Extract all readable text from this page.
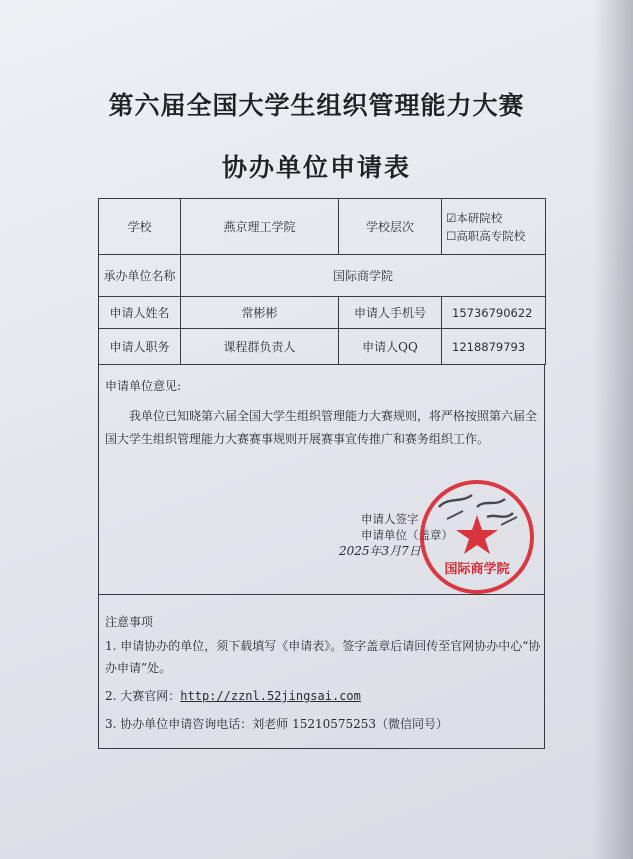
第六届全国大学生组织管理能力大赛
协办单位申请表
学校	燕京理工学院	学校层次	☑本研院校
☐高职高专院校

承办单位名称	国际商学院		
申请人姓名	常彬彬	申请人手机号	15736790622
申请人职务	课程群负责人	申请人QQ	1218879793
申请单位意见:
我单位已知晓第六届全国大学生组织管理能力大赛规则，将严格按照第六届全国大学生组织管理能力大赛赛事规则开展赛事宣传推广和赛务组织工作。
申请人签字
申请单位（盖章）
2025年3月7日
国际商学院
注意事项
1. 申请协办的单位，须下载填写《申请表》。签字盖章后请回传至官网协办中心“协办申请”处。
2. 大赛官网：http://zznl.52jingsai.com
3. 协办单位申请咨询电话：刘老师 15210575253（微信同号）
